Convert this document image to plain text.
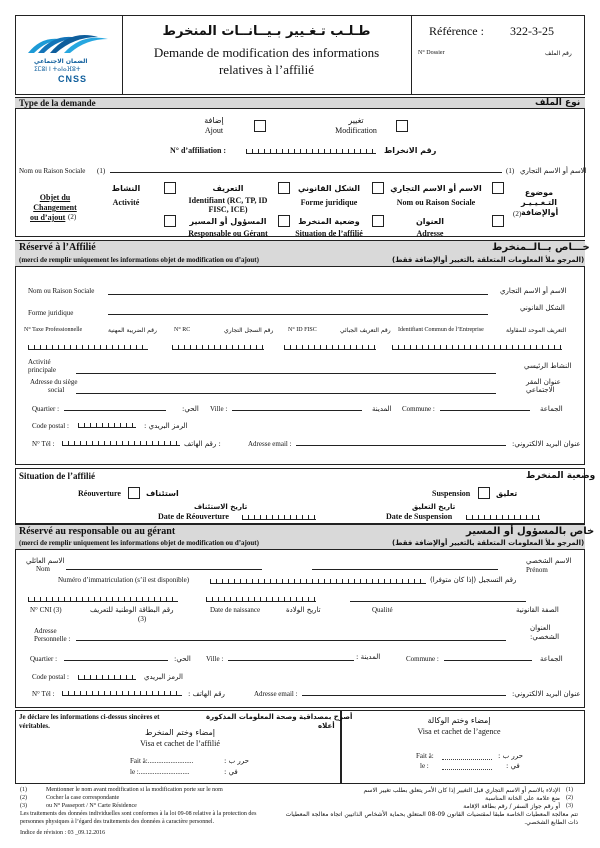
الضمان الاجتماعي
ⵉⵎⵓⵏ ⵏ ⵜⴰⵏⴰⴼⵓⵜ
CNSS
طـلـب تـغـيير بـيــانــات المنخرط
Demande de modification des informations
relatives à l’affilié
Référence : 322-3-25
N° Dossier	رقم الملف
Type de la demande	نوع الملف
إضافة
Ajout
تغيير
Modification
N° d’affiliation :	رقم الانخراط
Nom ou Raison Sociale (1)	(1) الاسم أو الاسم التجاري
Objet du
Changement
ou d’ajout (2)
موضوع
التـغـيـيـر
أوالإضافة
(2)
النشاط
Activité
التعريف
Identifiant (RC, TP, ID
FISC, ICE)
الشكل القانوني
Forme juridique
الاسم أو الاسم التجاري
Nom ou Raison Sociale
المسؤول أو المسير
Responsable ou Gérant
وضعية المنخرط
Situation de l’affilié
العنوان
Adresse
Réservé à l’Affilié
(merci de remplir uniquement les informations objet de modification ou d’ajout)
خـــاص بــالــمنخرط
(المرجو ملأ المعلومات المتعلقة بالتغيير أوالإضافة فقط)
Nom ou Raison Sociale	الاسم أو الاسم التجاري
Forme juridique
الشكل القانوني
N° Taxe Professionnelle	رقم الضريبة المهنية	N° RC	رقم السجل التجاري N° ID FISC	رقم التعريف الجبائي Identifiant Commun de l’Entreprise	التعريف الموحد للمقاولة
Activité
principale	النشاط الرئيسي
Adresse du siège
social
عنوان المقر
الاجتماعي
Quartier :	الحي: Ville :	المدينة Commune :	الجماعة
Code postal :	الرمز البريدي :
N° Tél :	: رقم الهاتف	Adresse email :	عنوان البريد الالكتروني:
Situation de l’affilié	وضعية المنخرط
Réouverture	استئناف	Suspension	تعليق
تاريخ الاستئناف
Date de Réouverture
تاريخ التعليق
Date de Suspension
Réservé au responsable ou au gérant
(merci de remplir uniquement les informations objet de modification ou d’ajout)
خاص بالمسؤول أو المسير
(المرجو ملأ المعلومات المتعلقة بالتغيير أوالإضافة فقط)
الاسم العائلي
Nom
الاسم الشخصي
Prénom
Numéro d’immatriculation (s’il est disponible)	رقم التسجيل (إذا كان متوفرا)
N° CNI (3)	رقم البطاقة الوطنية للتعريف
(3)
Date de naissance	تاريخ الولادة	Qualité	الصفة القانونية
Adresse
Personnelle :
العنوان
الشخصي:
Quartier :	الحي: Ville :	المدينة :	Commune :	الجماعة
Code postal :	الرمز البريدي
N° Tél :	رقم الهاتف :	Adresse email :	عنوان البريد الالكتروني:
Je déclare les informations ci-dessus sincères et
véritables.
أصرح بمصداقية وصحة المعلومات المذكورة
أعلاه
إمضاء وختم المنخرط
Visa et cachet de l’affilié
Fait à:..........................	حرر ب :
le :.............................	في :
إمضاء وختم الوكالة
Visa et cachet de l’agence
Fait à:	حرر ب :
le :	في :
(1)	Mentionner le nom avant modification si la modification porte sur le nom
(2)	Cocher la case correspondante
(3)	ou N° Passeport / N° Carte Résidence
Les traitements des données individuelles sont conformes à la loi 09-08 relative à la protection des
personnes physiques à l’égard des traitements des données à caractère personnel.
الإدلاء بالاسم أو الاسم التجاري قبل التغيير إذا كان الأمر يتعلق بطلب تغيير الاسم (1)
ضع علامة على الخانة المناسبة (2)
أو رقم جواز السفر / رقم بطاقة الإقامة (3)
تتم معالجة المعطيات الخاصة طبقا لمقتضيات القانون 09-08 المتعلق بحماية الأشخاص الذاتيين اتجاه معالجة المعطيات
ذات الطابع الشخصي.
Indice de révision : 03 _09.12.2016
